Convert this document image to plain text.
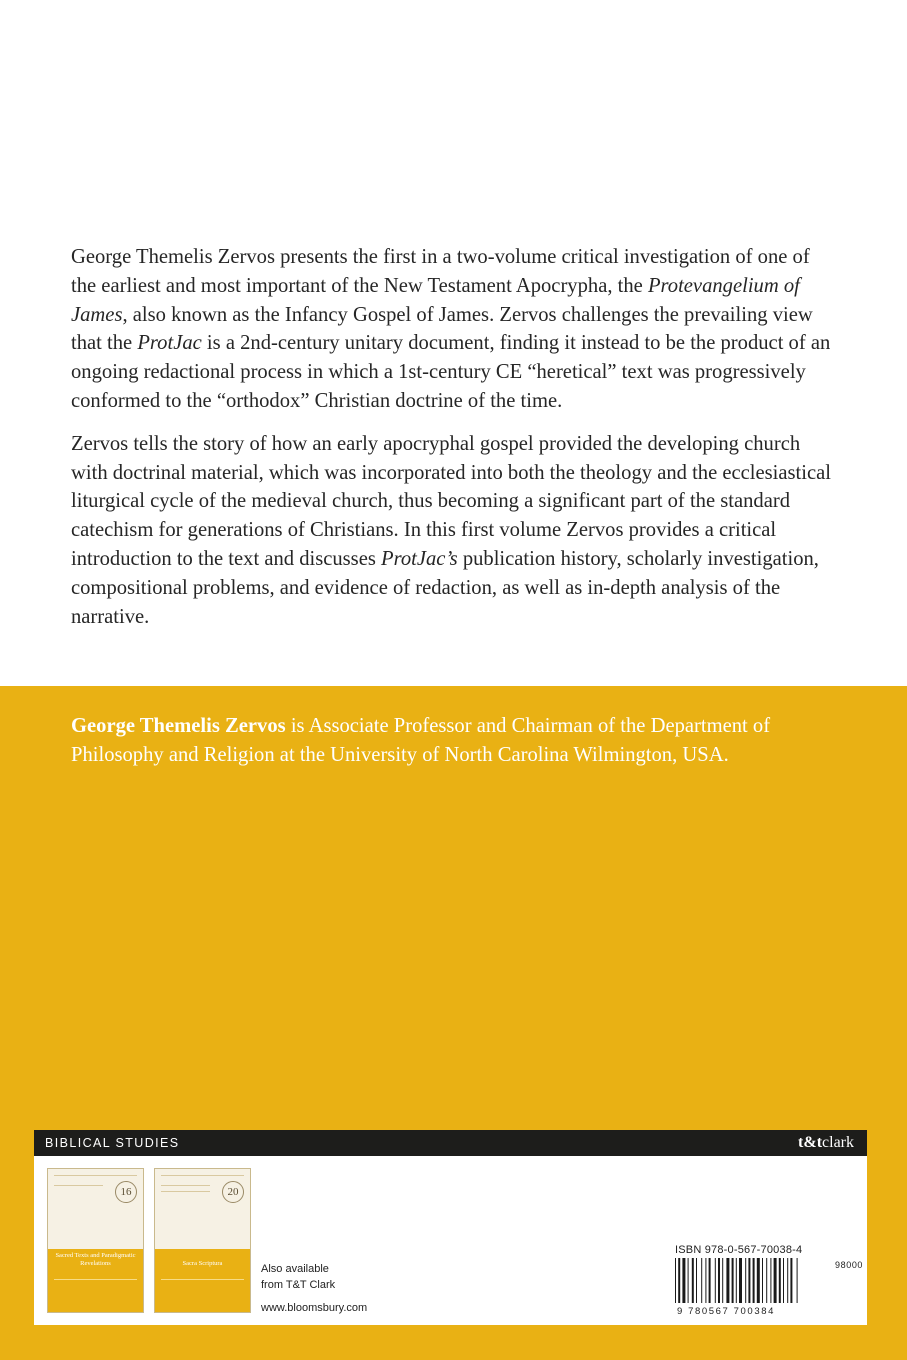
George Themelis Zervos presents the first in a two-volume critical investigation of one of the earliest and most important of the New Testament Apocrypha, the Protevangelium of James, also known as the Infancy Gospel of James. Zervos challenges the prevailing view that the ProtJac is a 2nd-century unitary document, finding it instead to be the product of an ongoing redactional process in which a 1st-century CE “heretical” text was progressively conformed to the “orthodox” Christian doctrine of the time.

Zervos tells the story of how an early apocryphal gospel provided the developing church with doctrinal material, which was incorporated into both the theology and the ecclesiastical liturgical cycle of the medieval church, thus becoming a significant part of the standard catechism for generations of Christians. In this first volume Zervos provides a critical introduction to the text and discusses ProtJac’s publication history, scholarly investigation, compositional problems, and evidence of redaction, as well as in-depth analysis of the narrative.

George Themelis Zervos is Associate Professor and Chairman of the Department of Philosophy and Religion at the University of North Carolina Wilmington, USA.

BIBLICAL STUDIES	t&tclark
16
Sacred Texts and Paradigmatic Revelations
20
Sacra Scriptura	Also available
from T&T Clark
www.bloomsbury.com
ISBN 978-0-567-70038-4
9 780567 700384
98000
